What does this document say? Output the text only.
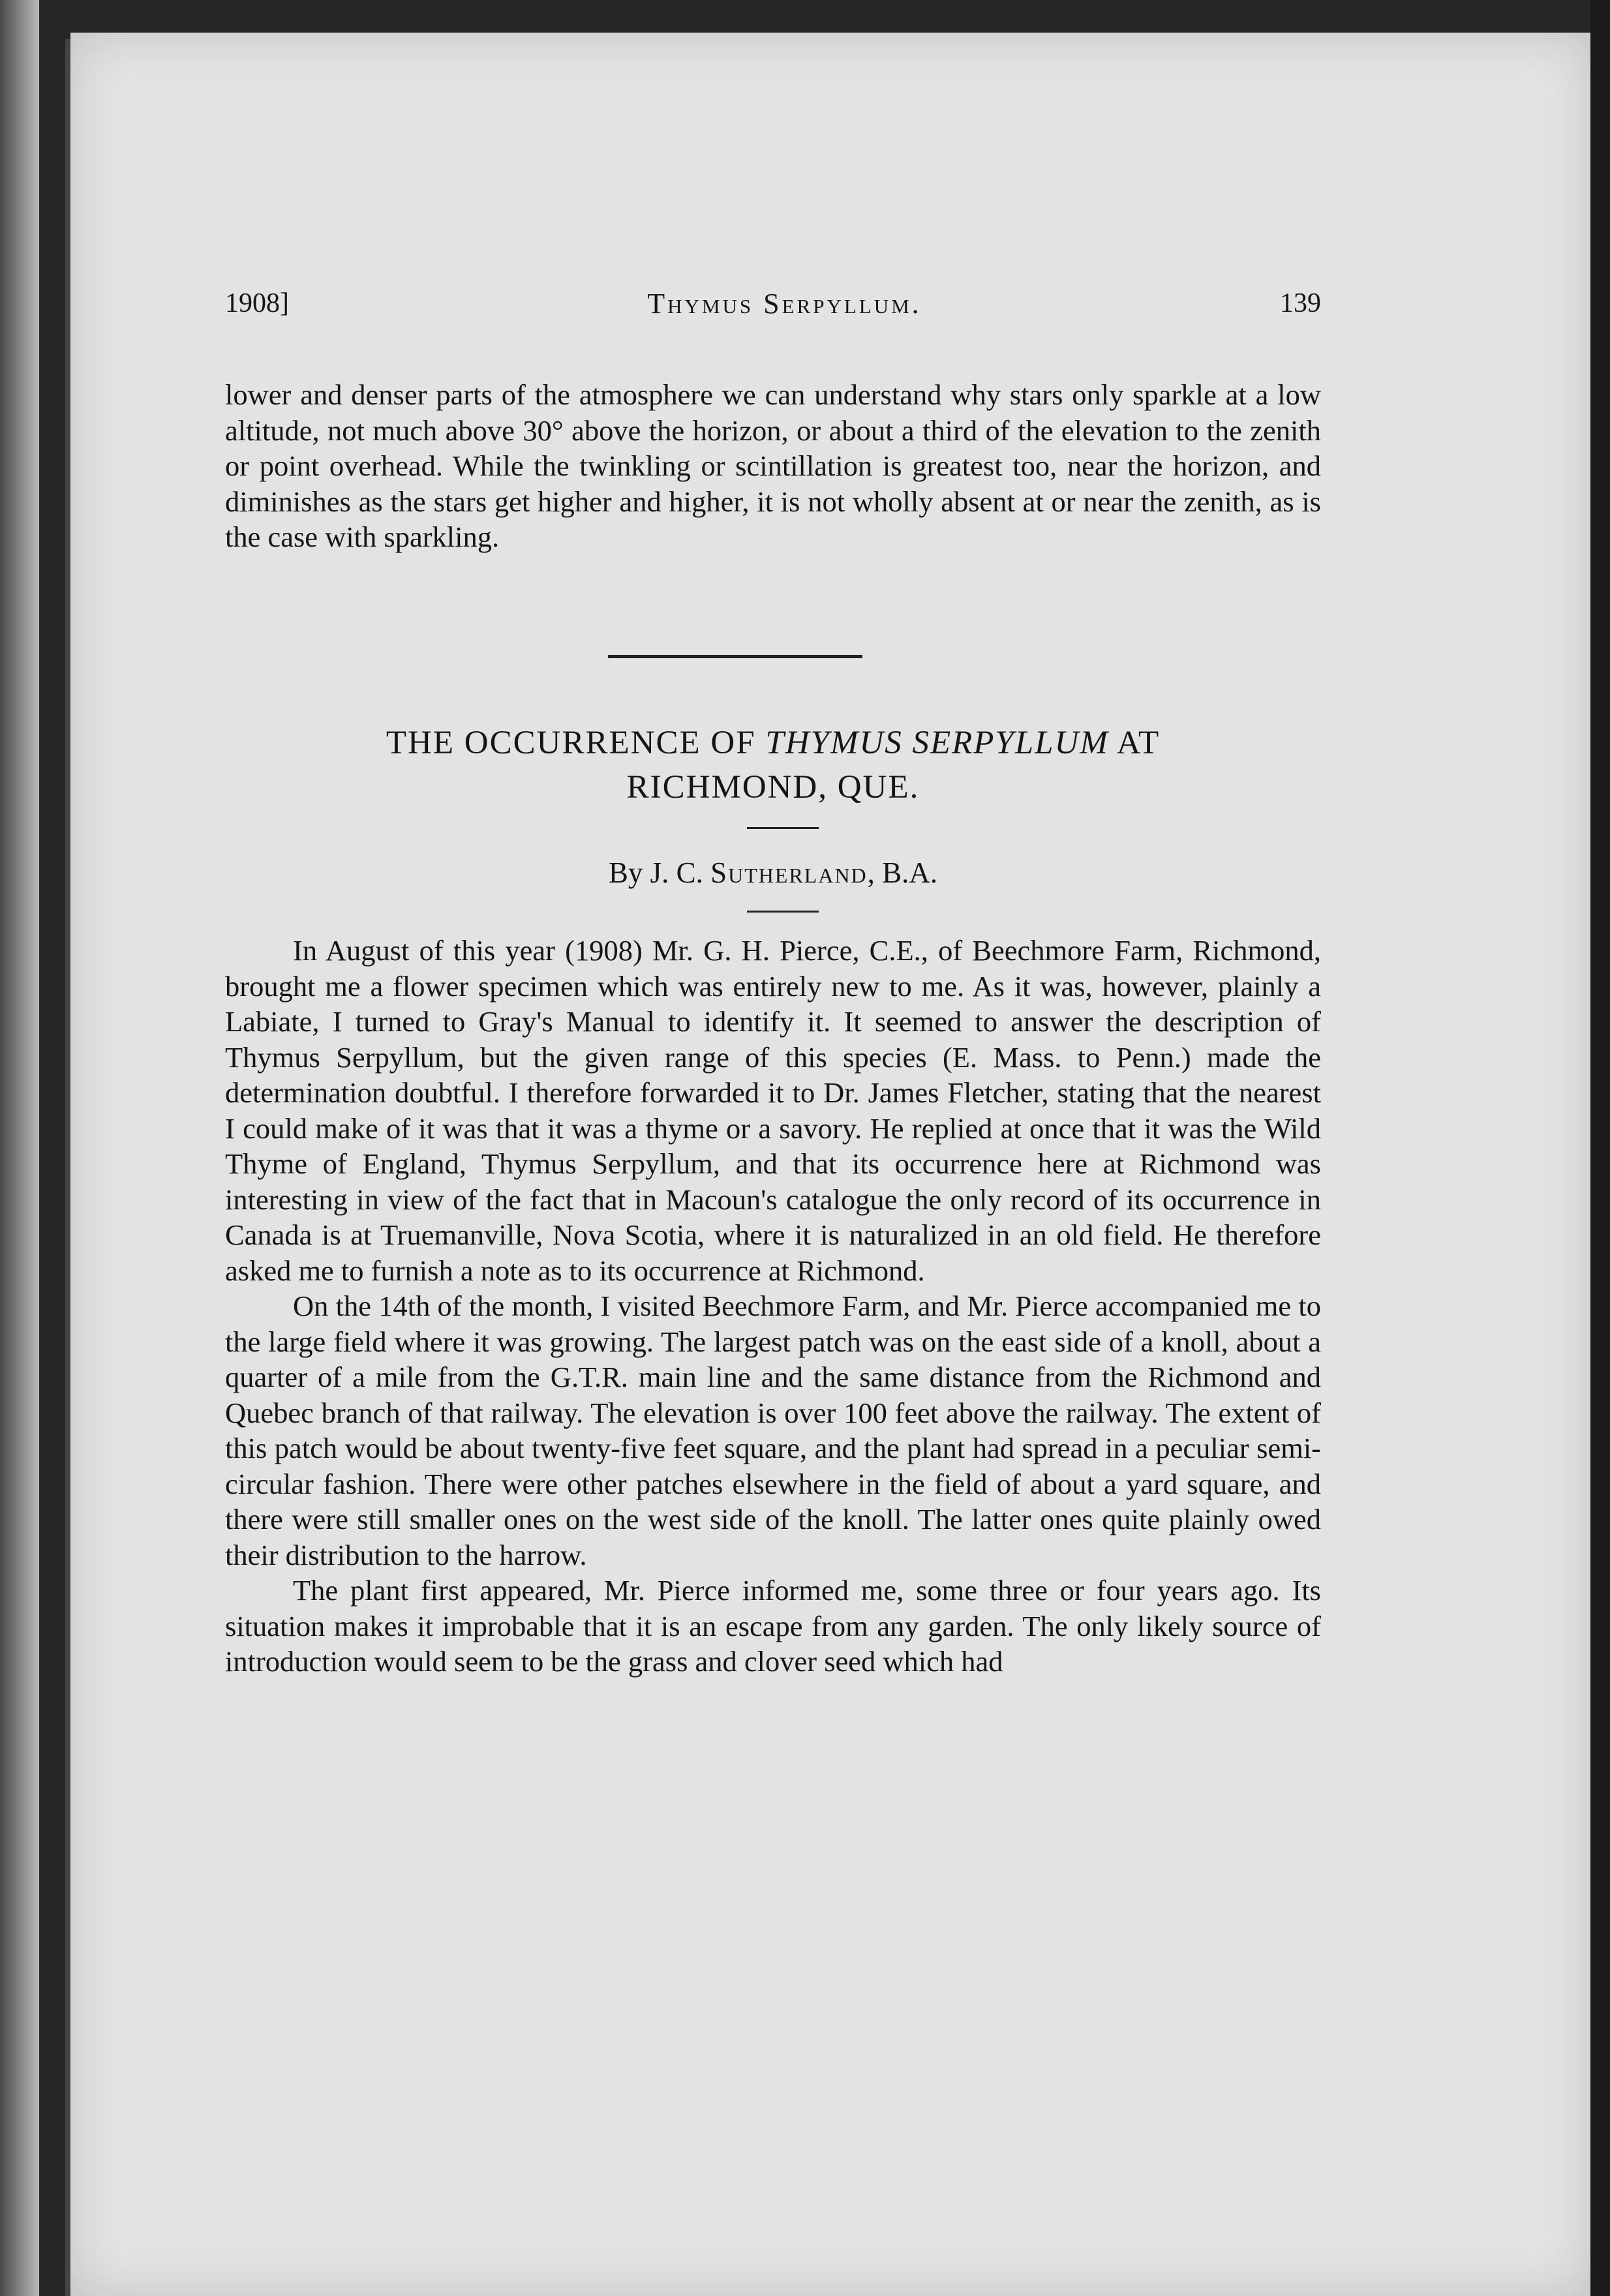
1908]	Thymus Serpyllum.	139

lower and denser parts of the atmosphere we can understand why stars only sparkle at a low altitude, not much above 30° above the horizon, or about a third of the elevation to the zenith or point overhead. While the twinkling or scintillation is greatest too, near the horizon, and diminishes as the stars get higher and higher, it is not wholly absent at or near the zenith, as is the case with sparkling.

THE OCCURRENCE OF THYMUS SERPYLLUM AT
RICHMOND, QUE.
By J. C. Sutherland, B.A.

In August of this year (1908) Mr. G. H. Pierce, C.E., of Beechmore Farm, Richmond, brought me a flower specimen which was entirely new to me. As it was, however, plainly a Labiate, I turned to Gray's Manual to identify it. It seemed to answer the description of Thymus Serpyllum, but the given range of this species (E. Mass. to Penn.) made the determination doubtful. I therefore forwarded it to Dr. James Fletcher, stating that the nearest I could make of it was that it was a thyme or a savory. He replied at once that it was the Wild Thyme of England, Thymus Serpyllum, and that its occurrence here at Richmond was interesting in view of the fact that in Macoun's catalogue the only record of its occurrence in Canada is at Truemanville, Nova Scotia, where it is naturalized in an old field. He therefore asked me to furnish a note as to its occurrence at Richmond.

On the 14th of the month, I visited Beechmore Farm, and Mr. Pierce accompanied me to the large field where it was growing. The largest patch was on the east side of a knoll, about a quarter of a mile from the G.T.R. main line and the same distance from the Richmond and Quebec branch of that railway. The elevation is over 100 feet above the railway. The extent of this patch would be about twenty-five feet square, and the plant had spread in a peculiar semi-circular fashion. There were other patches elsewhere in the field of about a yard square, and there were still smaller ones on the west side of the knoll. The latter ones quite plainly owed their distribution to the harrow.

The plant first appeared, Mr. Pierce informed me, some three or four years ago. Its situation makes it improbable that it is an escape from any garden. The only likely source of introduction would seem to be the grass and clover seed which had
